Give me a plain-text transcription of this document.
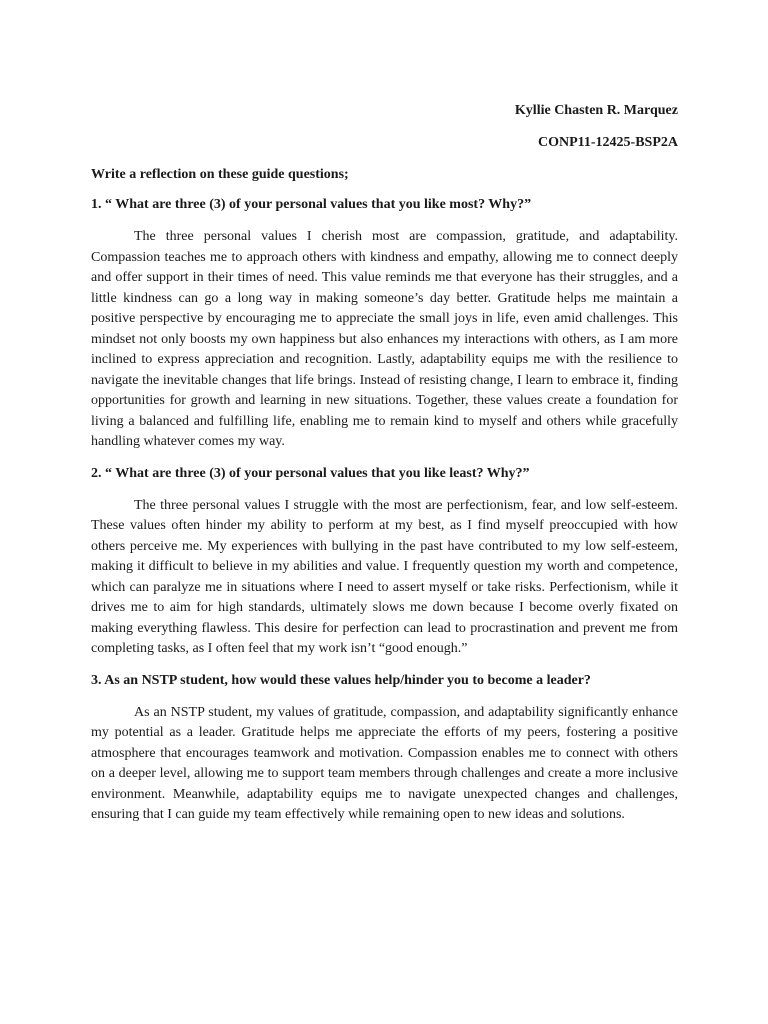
Kyllie Chasten R. Marquez

CONP11-12425-BSP2A

Write a reflection on these guide questions;

1. “ What are three (3) of your personal values that you like most? Why?”

The three personal values I cherish most are compassion, gratitude, and adaptability. Compassion teaches me to approach others with kindness and empathy, allowing me to connect deeply and offer support in their times of need. This value reminds me that everyone has their struggles, and a little kindness can go a long way in making someone’s day better. Gratitude helps me maintain a positive perspective by encouraging me to appreciate the small joys in life, even amid challenges. This mindset not only boosts my own happiness but also enhances my interactions with others, as I am more inclined to express appreciation and recognition. Lastly, adaptability equips me with the resilience to navigate the inevitable changes that life brings. Instead of resisting change, I learn to embrace it, finding opportunities for growth and learning in new situations. Together, these values create a foundation for living a balanced and fulfilling life, enabling me to remain kind to myself and others while gracefully handling whatever comes my way.

2. “ What are three (3) of your personal values that you like least? Why?”

The three personal values I struggle with the most are perfectionism, fear, and low self-esteem. These values often hinder my ability to perform at my best, as I find myself preoccupied with how others perceive me. My experiences with bullying in the past have contributed to my low self-esteem, making it difficult to believe in my abilities and value. I frequently question my worth and competence, which can paralyze me in situations where I need to assert myself or take risks. Perfectionism, while it drives me to aim for high standards, ultimately slows me down because I become overly fixated on making everything flawless. This desire for perfection can lead to procrastination and prevent me from completing tasks, as I often feel that my work isn’t “good enough.”

3. As an NSTP student, how would these values help/hinder you to become a leader?

As an NSTP student, my values of gratitude, compassion, and adaptability significantly enhance my potential as a leader. Gratitude helps me appreciate the efforts of my peers, fostering a positive atmosphere that encourages teamwork and motivation. Compassion enables me to connect with others on a deeper level, allowing me to support team members through challenges and create a more inclusive environment. Meanwhile, adaptability equips me to navigate unexpected changes and challenges, ensuring that I can guide my team effectively while remaining open to new ideas and solutions.
